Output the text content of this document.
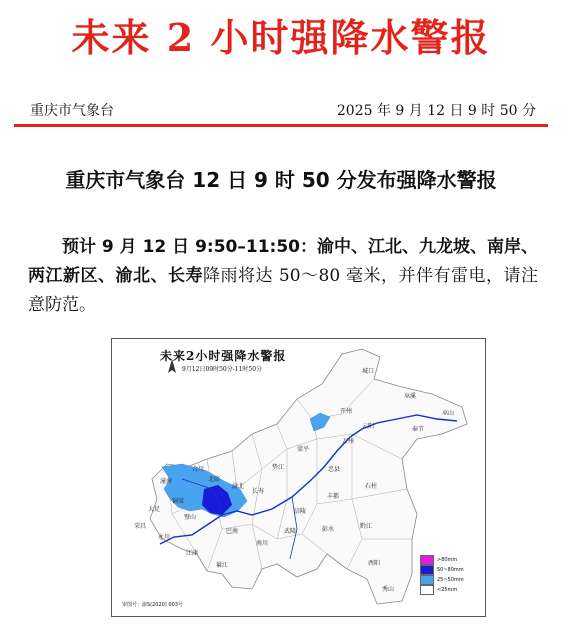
未来 2 小时强降水警报
重庆市气象台	2025 年 9 月 12 日 9 时 50 分
重庆市气象台 12 日 9 时 50 分发布强降水警报
预计 9 月 12 日 9:50–11:50：渝中、江北、九龙坡、南岸、两江新区、渝北、长寿降雨将达 50～80 毫米，并伴有雷电，请注意防范。
未来2小时强降水警报
9月12日09时50分-11时50分	城口
巫溪
开州
云阳	奉节
巫山
万州
梁平
忠县
垫江
石柱
丰都
长寿
渝北
北碚
合川
潼南
铜梁
大足
璧山
荣昌
永川
江津
巴南
綦江
南川
武隆
涪陵
彭水	黔江
酉阳
秀山
>80mm
50~80mm
25~50mm
<25mm
审图号：渝S(2020) 003号
